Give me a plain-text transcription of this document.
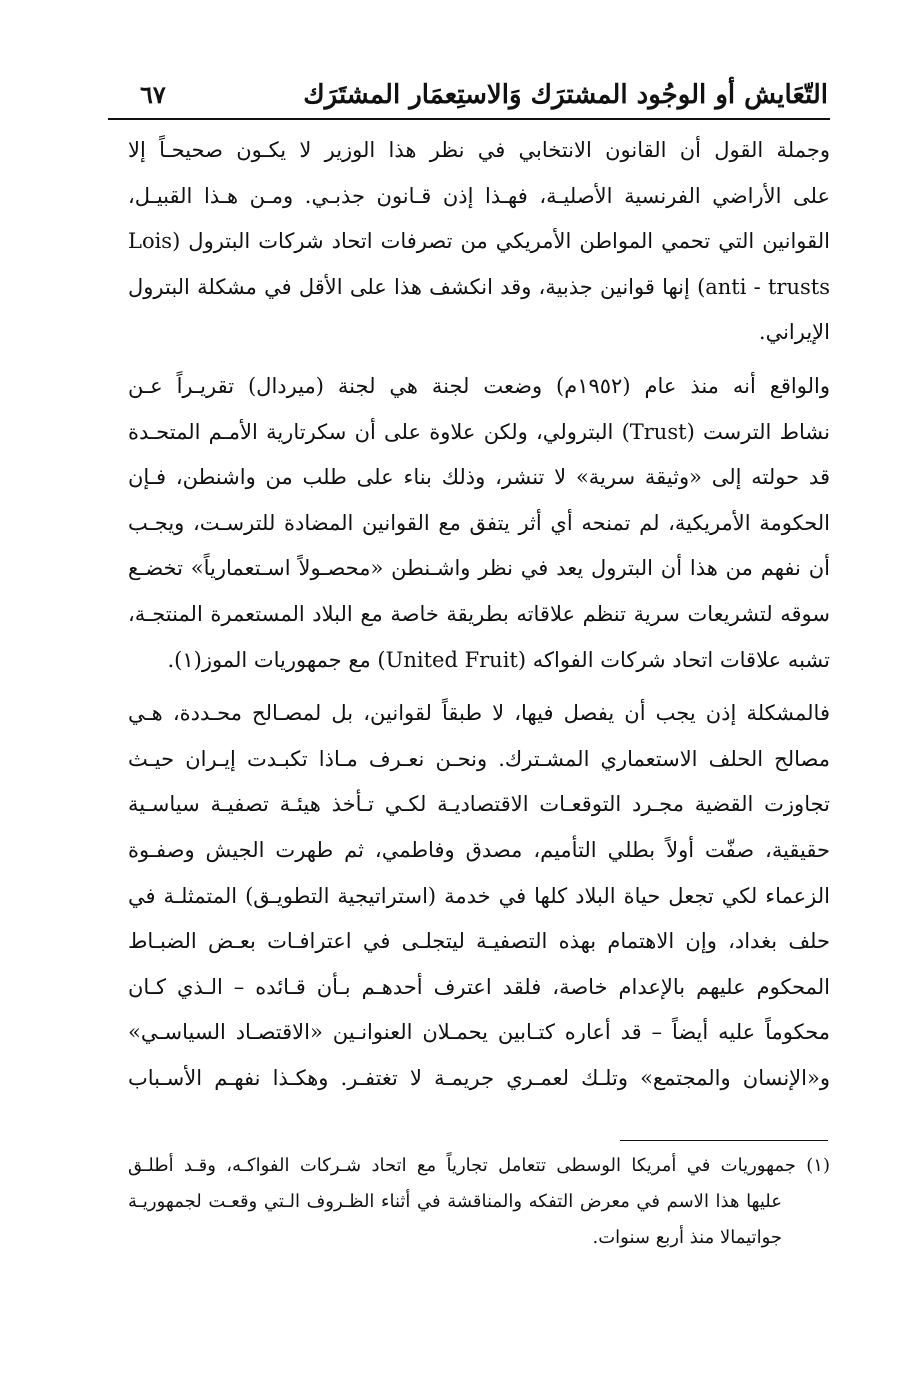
التّعَايش أو الوجُود المشترَك وَالاستِعمَار المشتَرَك
٦٧
وجملة القول أن القانون الانتخابي في نظر هذا الوزير لا يكـون صحيحـاً إلا
على الأراضي الفرنسية الأصليـة، فهـذا إذن قـانون جذبـي. ومـن هـذا القبيـل،
القوانين التي تحمي المواطن الأمريكي من تصرفات اتحاد شركات البترول (Lois
anti - trusts) إنها قوانين جذبية، وقد انكشف هذا على الأقل في مشكلة البترول
الإيراني.
والواقع أنه منذ عام (١٩٥٢م) وضعت لجنة هي لجنة (ميردال) تقريـراً عـن
نشاط الترست (Trust) البترولي، ولكن علاوة على أن سكرتارية الأمـم المتحـدة
قد حولته إلى «وثيقة سرية» لا تنشر، وذلك بناء على طلب من واشنطن، فـإن
الحكومة الأمريكية، لم تمنحه أي أثر يتفق مع القوانين المضادة للترسـت، ويجـب
أن نفهم من هذا أن البترول يعد في نظر واشـنطن «محصـولاً اسـتعمارياً» تخضـع
سوقه لتشريعات سرية تنظم علاقاته بطريقة خاصة مع البلاد المستعمرة المنتجـة،
تشبه علاقات اتحاد شركات الفواكه (United Fruit) مع جمهوريات الموز(١).
فالمشكلة إذن يجب أن يفصل فيها، لا طبقاً لقوانين، بل لمصـالح محـددة، هـي
مصالح الحلف الاستعماري المشـترك. ونحـن نعـرف مـاذا تكبـدت إيـران حيـث
تجاوزت القضية مجـرد التوقعـات الاقتصاديـة لكـي تـأخذ هيئـة تصفيـة سياسـية
حقيقية، صفّت أولاً بطلي التأميم، مصدق وفاطمي، ثم طهرت الجيش وصفـوة
الزعماء لكي تجعل حياة البلاد كلها في خدمة (استراتيجية التطويـق) المتمثلـة في
حلف بغداد، وإن الاهتمام بهذه التصفيـة ليتجلـى في اعترافـات بعـض الضبـاط
المحكوم عليهم بالإعدام خاصة، فلقد اعترف أحدهـم بـأن قـائده – الـذي كـان
محكوماً عليه أيضاً – قد أعاره كتـابين يحمـلان العنوانـين «الاقتصـاد السياسـي»
و«الإنسان والمجتمع» وتلـك لعمـري جريمـة لا تغتفـر. وهكـذا نفهـم الأسـباب
(١) جمهوريات في أمريكا الوسطى تتعامل تجارياً مع اتحاد شـركات الفواكـه، وقـد أطلـق
عليها هذا الاسم في معرض التفكه والمناقشة في أثناء الظـروف الـتي وقعـت لجمهوريـة
جواتيمالا منذ أربع سنوات.
